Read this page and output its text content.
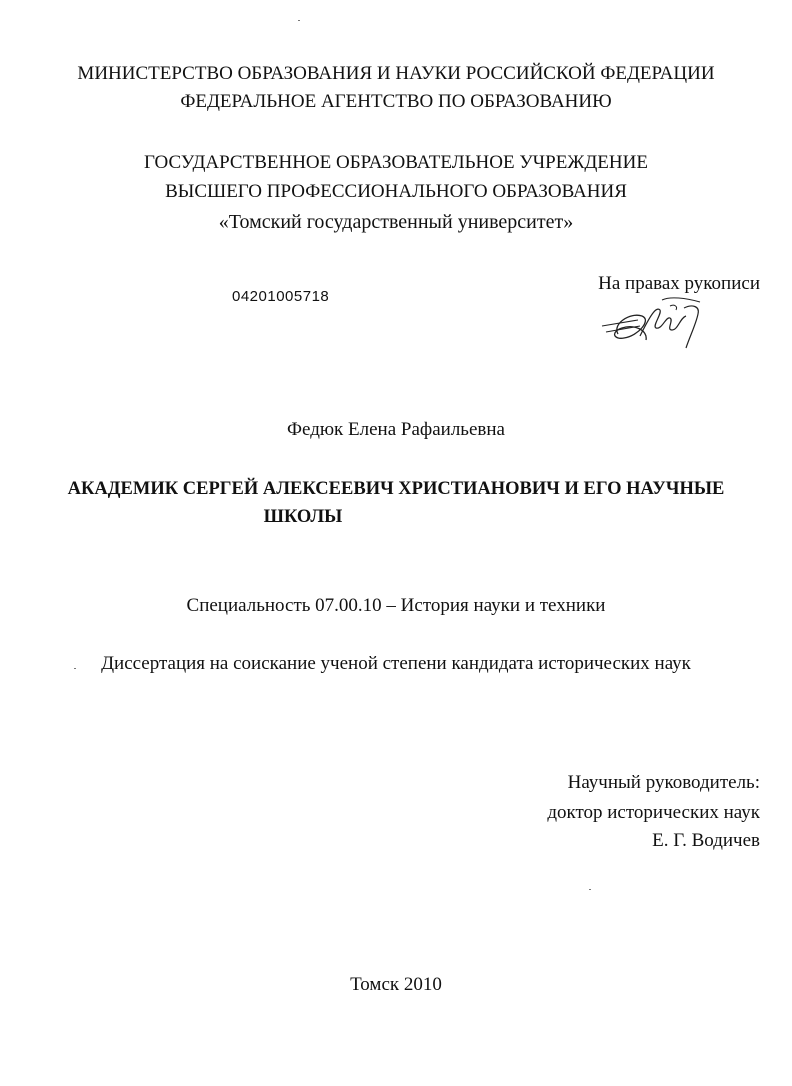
МИНИСТЕРСТВО ОБРАЗОВАНИЯ И НАУКИ РОССИЙСКОЙ ФЕДЕРАЦИИ
ФЕДЕРАЛЬНОЕ АГЕНТСТВО ПО ОБРАЗОВАНИЮ
ГОСУДАРСТВЕННОЕ ОБРАЗОВАТЕЛЬНОЕ УЧРЕЖДЕНИЕ
ВЫСШЕГО ПРОФЕССИОНАЛЬНОГО ОБРАЗОВАНИЯ
«Томский государственный университет»
04201005718
На правах рукописи
Федюк Елена Рафаильевна
АКАДЕМИК СЕРГЕЙ АЛЕКСЕЕВИЧ ХРИСТИАНОВИЧ И ЕГО НАУЧНЫЕ
ШКОЛЫ
Специальность 07.00.10 – История науки и техники
Диссертация на соискание ученой степени кандидата исторических наук
Научный руководитель:
доктор исторических наук
Е. Г. Водичев
Томск 2010
